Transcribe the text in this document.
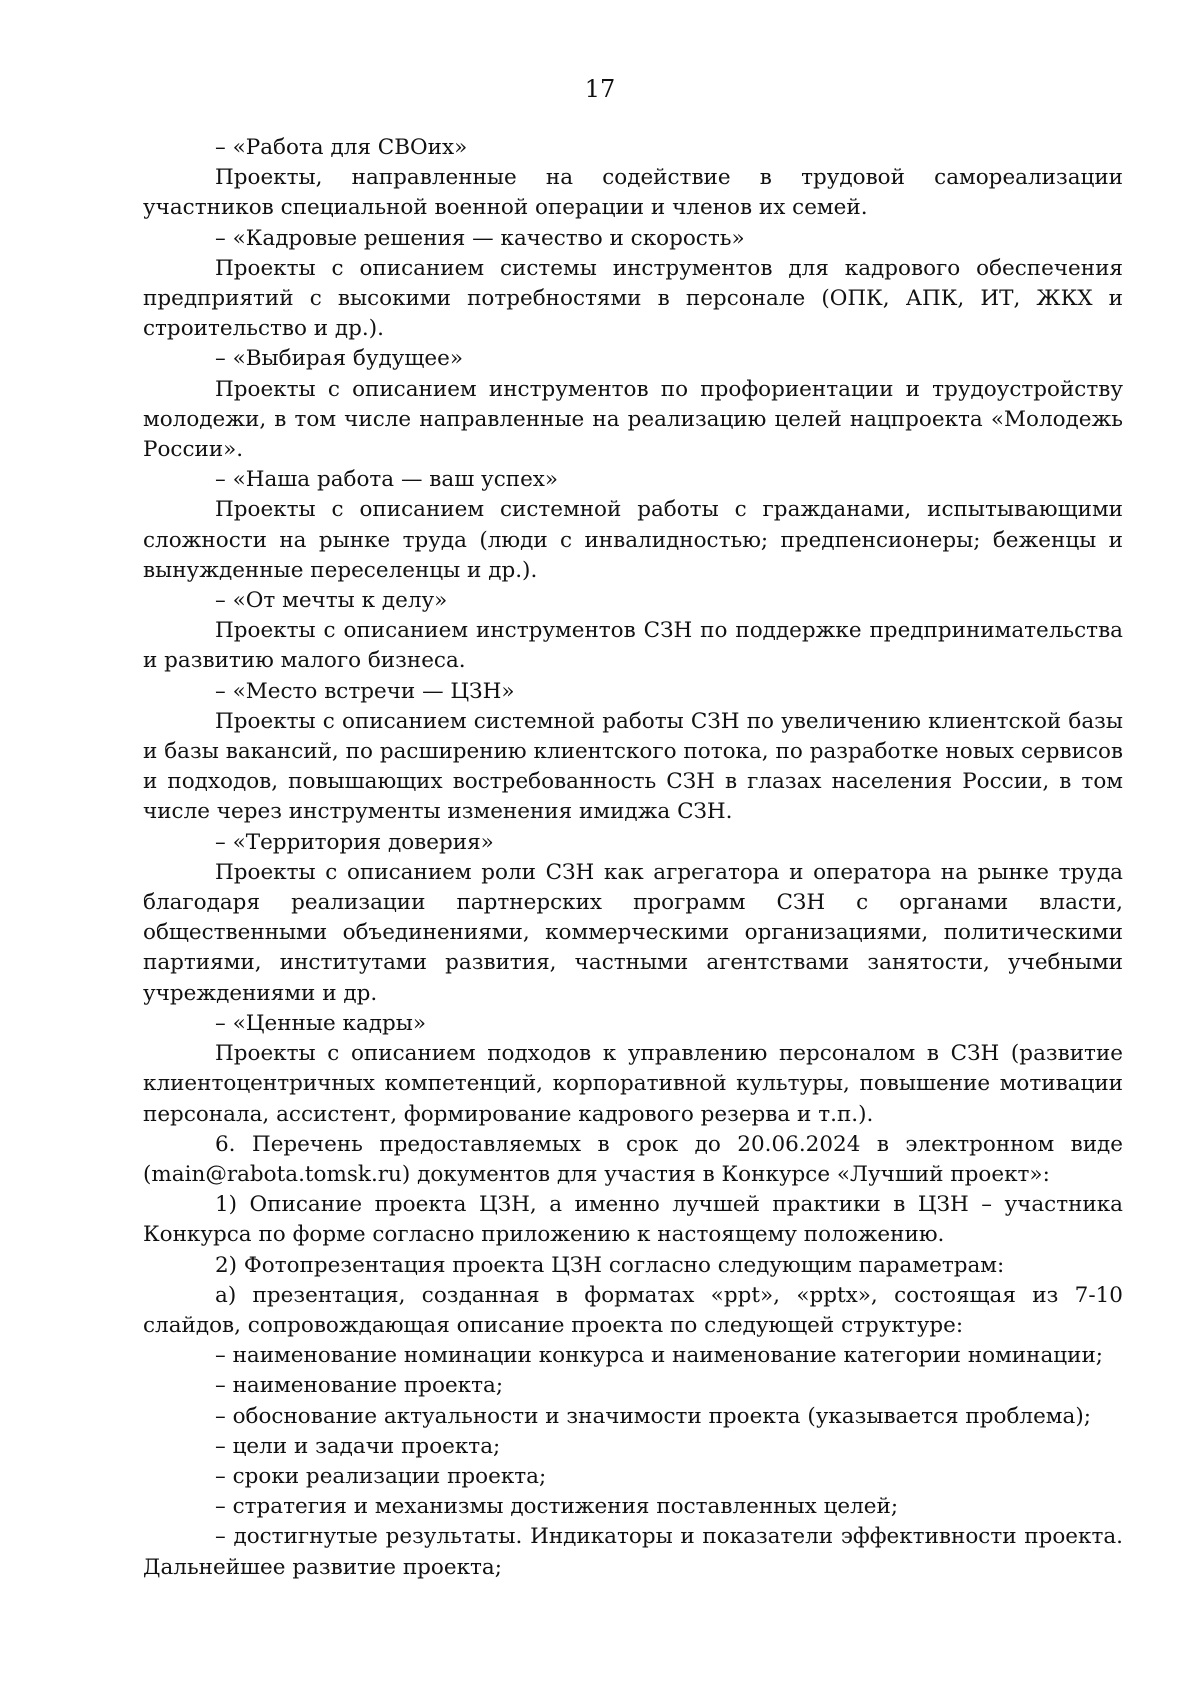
17

– «Работа для СВОих»

Проекты, направленные на содействие в трудовой самореализации участников специальной военной операции и членов их семей.

– «Кадровые решения — качество и скорость»

Проекты с описанием системы инструментов для кадрового обеспечения предприятий с высокими потребностями в персонале (ОПК, АПК, ИТ, ЖКХ и строительство и др.).

– «Выбирая будущее»

Проекты с описанием инструментов по профориентации и трудоустройству молодежи, в том числе направленные на реализацию целей нацпроекта «Молодежь России».

– «Наша работа — ваш успех»

Проекты с описанием системной работы с гражданами, испытывающими сложности на рынке труда (люди с инвалидностью; предпенсионеры; беженцы и вынужденные переселенцы и др.).

– «От мечты к делу»

Проекты с описанием инструментов СЗН по поддержке предпринимательства и развитию малого бизнеса.

– «Место встречи — ЦЗН»

Проекты с описанием системной работы СЗН по увеличению клиентской базы и базы вакансий, по расширению клиентского потока, по разработке новых сервисов и подходов, повышающих востребованность СЗН в глазах населения России, в том числе через инструменты изменения имиджа СЗН.

– «Территория доверия»

Проекты с описанием роли СЗН как агрегатора и оператора на рынке труда благодаря реализации партнерских программ СЗН с органами власти, общественными объединениями, коммерческими организациями, политическими партиями, институтами развития, частными агентствами занятости, учебными учреждениями и др.

– «Ценные кадры»

Проекты с описанием подходов к управлению персоналом в СЗН (развитие клиентоцентричных компетенций, корпоративной культуры, повышение мотивации персонала, ассистент, формирование кадрового резерва и т.п.).

6. Перечень предоставляемых в срок до 20.06.2024 в электронном виде (main@rabota.tomsk.ru) документов для участия в Конкурсе «Лучший проект»:

1) Описание проекта ЦЗН, а именно лучшей практики в ЦЗН – участника Конкурса по форме согласно приложению к настоящему положению.

2) Фотопрезентация проекта ЦЗН согласно следующим параметрам:

а) презентация, созданная в форматах «ppt», «pptx», состоящая из 7-10 слайдов, сопровождающая описание проекта по следующей структуре:

– наименование номинации конкурса и наименование категории номинации;

– наименование проекта;

– обоснование актуальности и значимости проекта (указывается проблема);

– цели и задачи проекта;

– сроки реализации проекта;

– стратегия и механизмы достижения поставленных целей;

– достигнутые результаты. Индикаторы и показатели эффективности проекта. Дальнейшее развитие проекта;
